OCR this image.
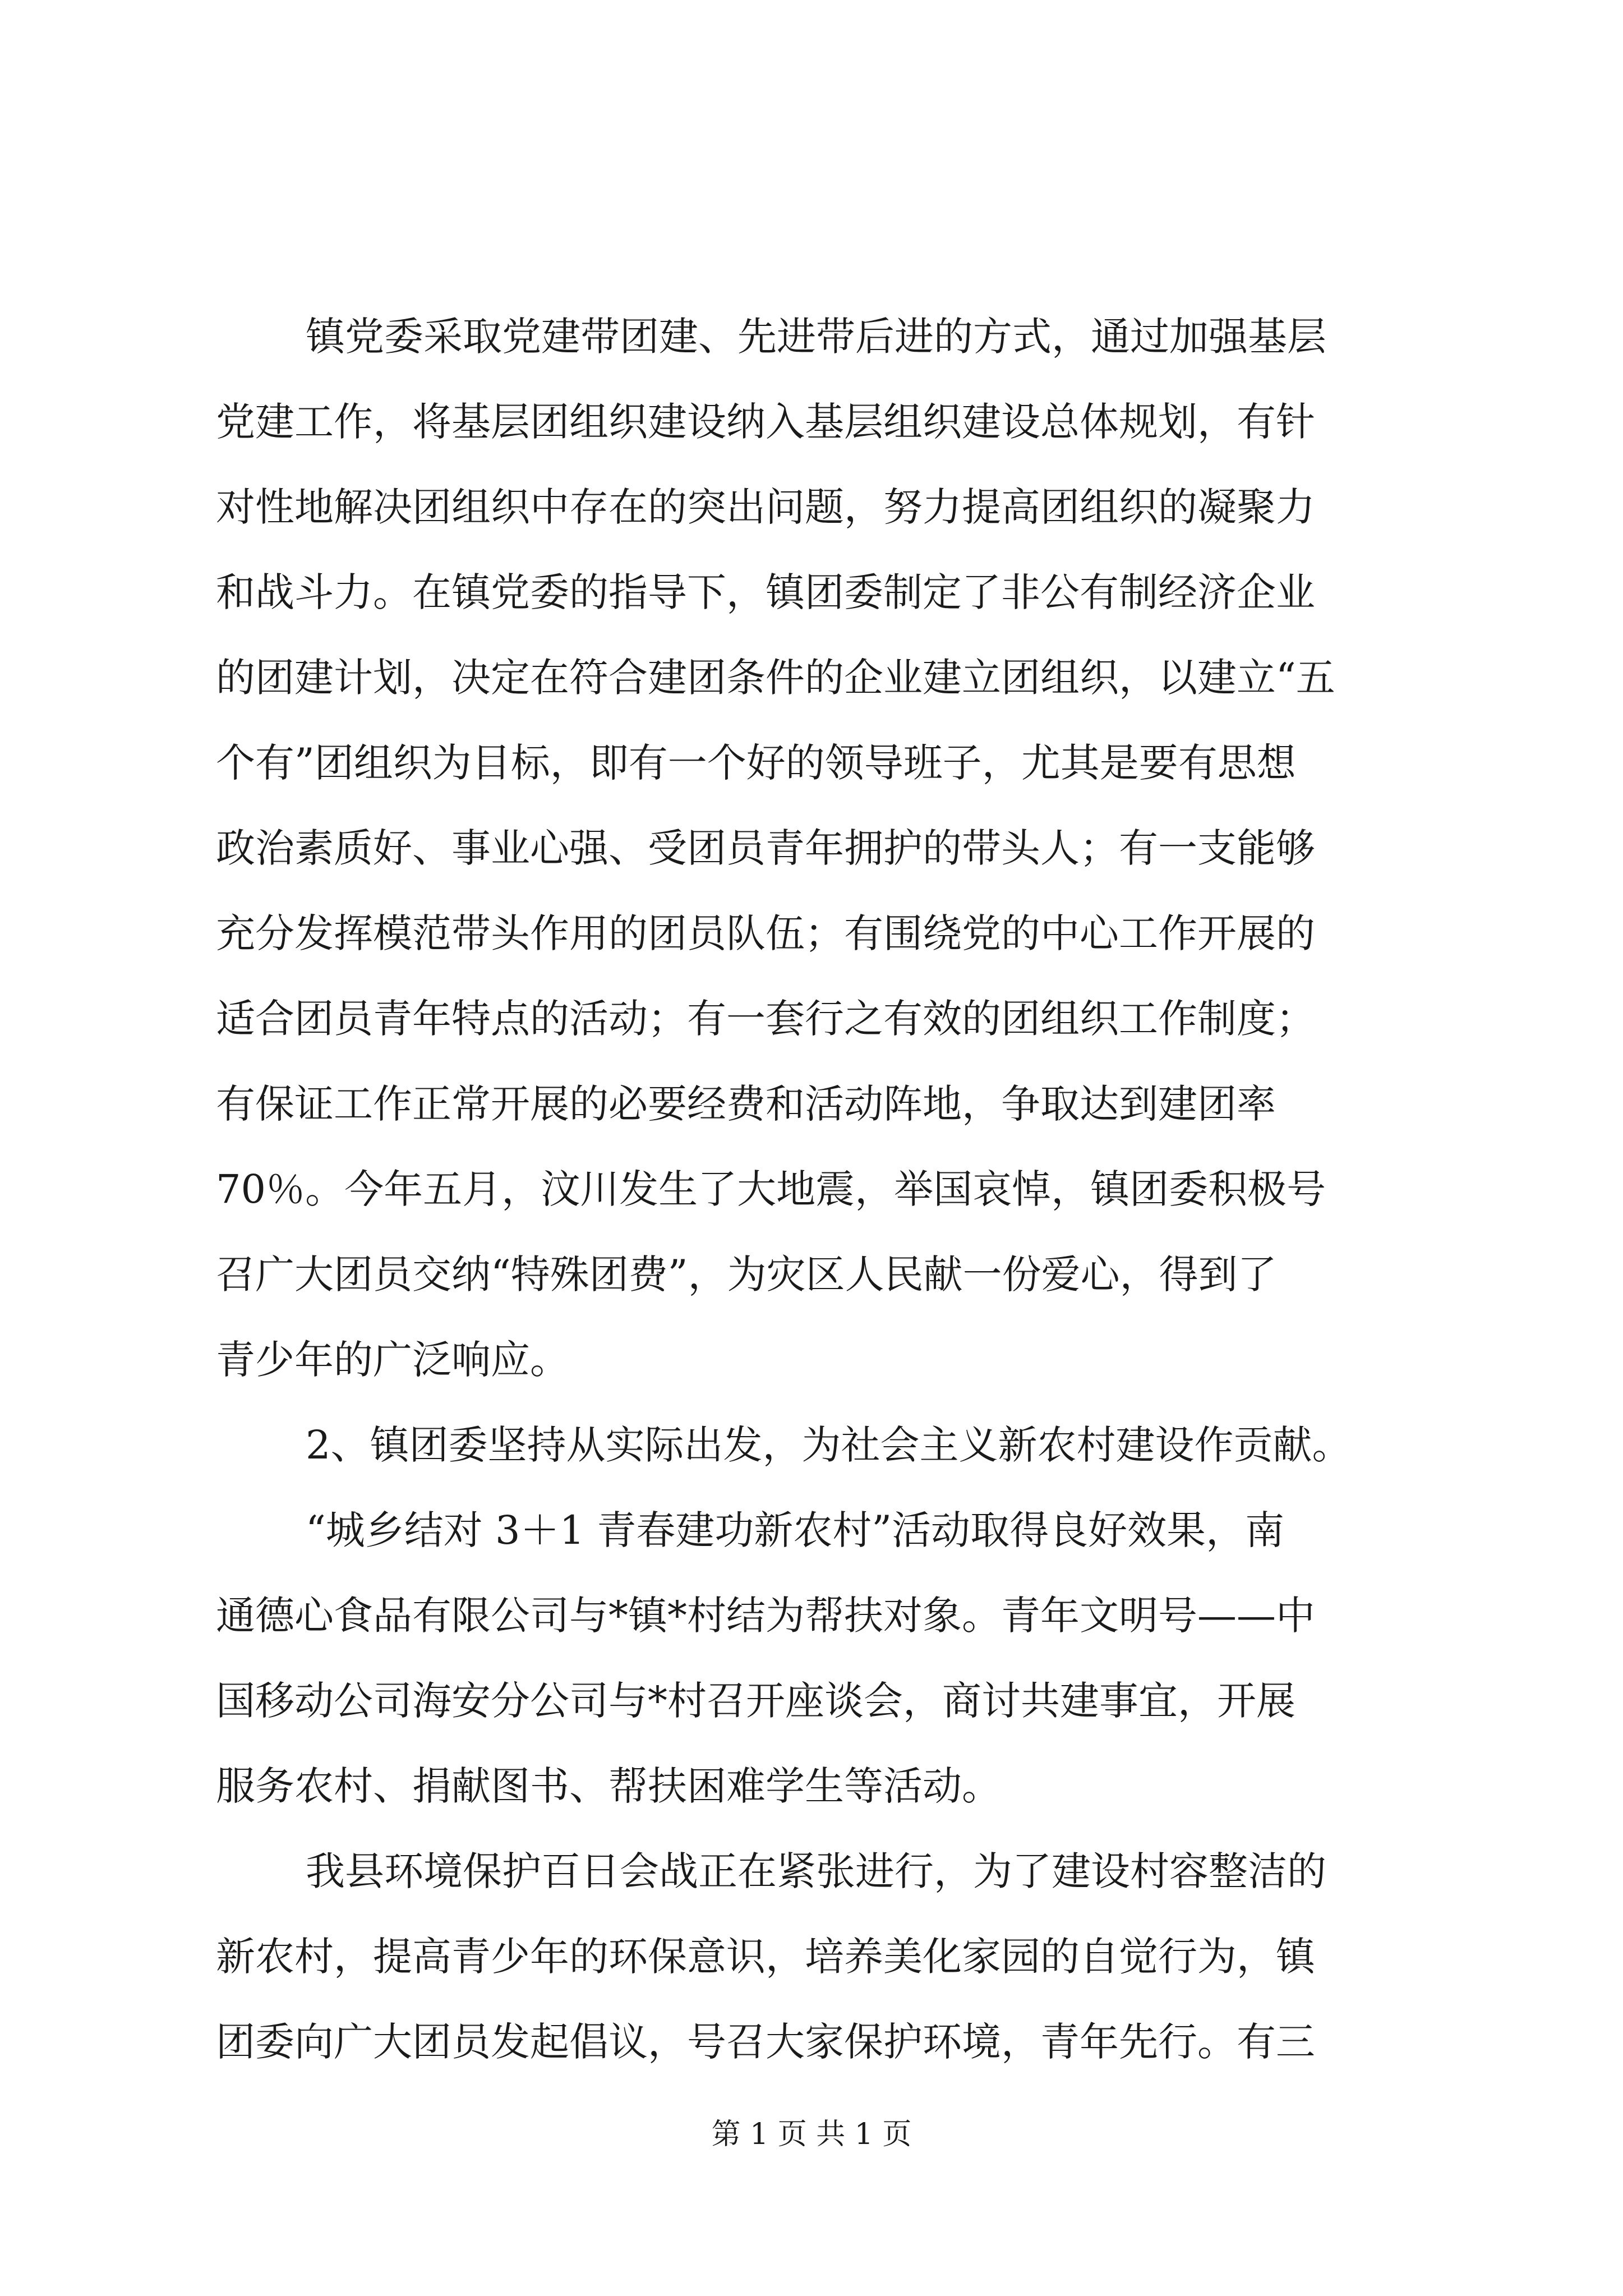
镇党委采取党建带团建、先进带后进的方式，通过加强基层
党建工作，将基层团组织建设纳入基层组织建设总体规划，有针
对性地解决团组织中存在的突出问题，努力提高团组织的凝聚力
和战斗力。在镇党委的指导下，镇团委制定了非公有制经济企业
的团建计划，决定在符合建团条件的企业建立团组织，以建立“五
个有”团组织为目标，即有一个好的领导班子，尤其是要有思想
政治素质好、事业心强、受团员青年拥护的带头人；有一支能够
充分发挥模范带头作用的团员队伍；有围绕党的中心工作开展的
适合团员青年特点的活动；有一套行之有效的团组织工作制度；
有保证工作正常开展的必要经费和活动阵地，争取达到建团率
70％。今年五月，汶川发生了大地震，举国哀悼，镇团委积极号
召广大团员交纳“特殊团费”，为灾区人民献一份爱心，得到了
青少年的广泛响应。
2、镇团委坚持从实际出发，为社会主义新农村建设作贡献。
“城乡结对 3＋1 青春建功新农村”活动取得良好效果，南
通德心食品有限公司与*镇*村结为帮扶对象。青年文明号——中
国移动公司海安分公司与*村召开座谈会，商讨共建事宜，开展
服务农村、捐献图书、帮扶困难学生等活动。
我县环境保护百日会战正在紧张进行，为了建设村容整洁的
新农村，提高青少年的环保意识，培养美化家园的自觉行为，镇
团委向广大团员发起倡议，号召大家保护环境，青年先行。有三
第 1 页 共 1 页
